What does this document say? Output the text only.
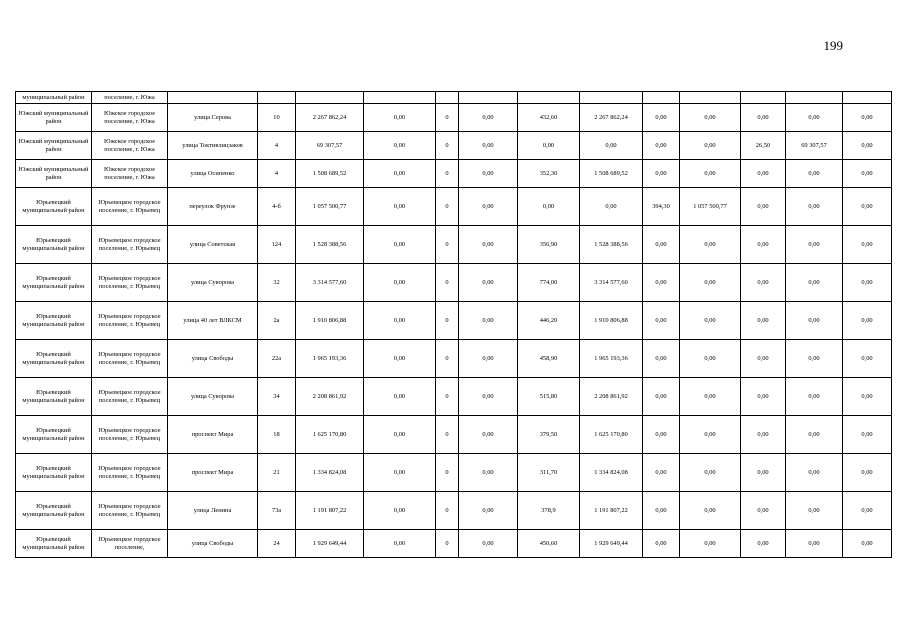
199
муниципальный район	поселение, г. Южа													
Южский муниципальный район	Южское городское поселение, г. Южа	улица Серова	10	2 267 862,24	0,00	0	0,00	432,60	2 267 862,24	0,00	0,00	0,00	0,00	0,00
Южский муниципальный район	Южское городское поселение, г. Южа	улица Токтивлицзаков	4	69 307,57	0,00	0	0,00	0,00	0,00	0,00	0,00	26,50	69 307,57	0,00
Южский муниципальный район	Южское городское поселение, г. Южа	улица Осипенко	4	1 508 689,52	0,00	0	0,00	352,30	1 508 689,52	0,00	0,00	0,00	0,00	0,00
Юрьевецкий муниципальный район	Юрьевецкое городское поселение, г. Юрьевец	переулок Фрунзе	4-б	1 057 500,77	0,00	0	0,00	0,00	0,00	394,30	1 057 500,77	0,00	0,00	0,00
Юрьевецкий муниципальный район	Юрьевецкое городское поселение, г. Юрьевец	улица Советская	124	1 528 388,56	0,00	0	0,00	356,90	1 528 388,56	0,00	0,00	0,00	0,00	0,00
Юрьевецкий муниципальный район	Юрьевецкое городское поселение, г. Юрьевец	улица Суворова	32	3 314 577,60	0,00	0	0,00	774,00	3 314 577,60	0,00	0,00	0,00	0,00	0,00
Юрьевецкий муниципальный район	Юрьевецкое городское поселение, г. Юрьевец	улица 40 лет ВЛКСМ	2а	1 910 806,88	0,00	0	0,00	446,20	1 910 806,88	0,00	0,00	0,00	0,00	0,00
Юрьевецкий муниципальный район	Юрьевецкое городское поселение, г. Юрьевец	улица Свободы	22а	1 965 193,36	0,00	0	0,00	458,90	1 965 193,36	0,00	0,00	0,00	0,00	0,00
Юрьевецкий муниципальный район	Юрьевецкое городское поселение, г. Юрьевец	улица Суворова	34	2 208 861,92	0,00	0	0,00	515,80	2 208 861,92	0,00	0,00	0,00	0,00	0,00
Юрьевецкий муниципальный район	Юрьевецкое городское поселение, г. Юрьевец	проспект Мира	18	1 625 170,80	0,00	0	0,00	379,50	1 625 170,80	0,00	0,00	0,00	0,00	0,00
Юрьевецкий муниципальный район	Юрьевецкое городское поселение, г. Юрьевец	проспект Мира	21	1 334 824,08	0,00	0	0,00	311,70	1 334 824,08	0,00	0,00	0,00	0,00	0,00
Юрьевецкий муниципальный район	Юрьевецкое городское поселение, г. Юрьевец	улица Ленина	73а	1 191 807,22	0,00	0	0,00	378,9	1 191 807,22	0,00	0,00	0,00	0,00	0,00
Юрьевецкий муниципальный район	Юрьевецкое городское поселение,	улица Свободы	24	1 929 649,44	0,00	0	0,00	450,60	1 929 649,44	0,00	0,00	0,00	0,00	0,00
